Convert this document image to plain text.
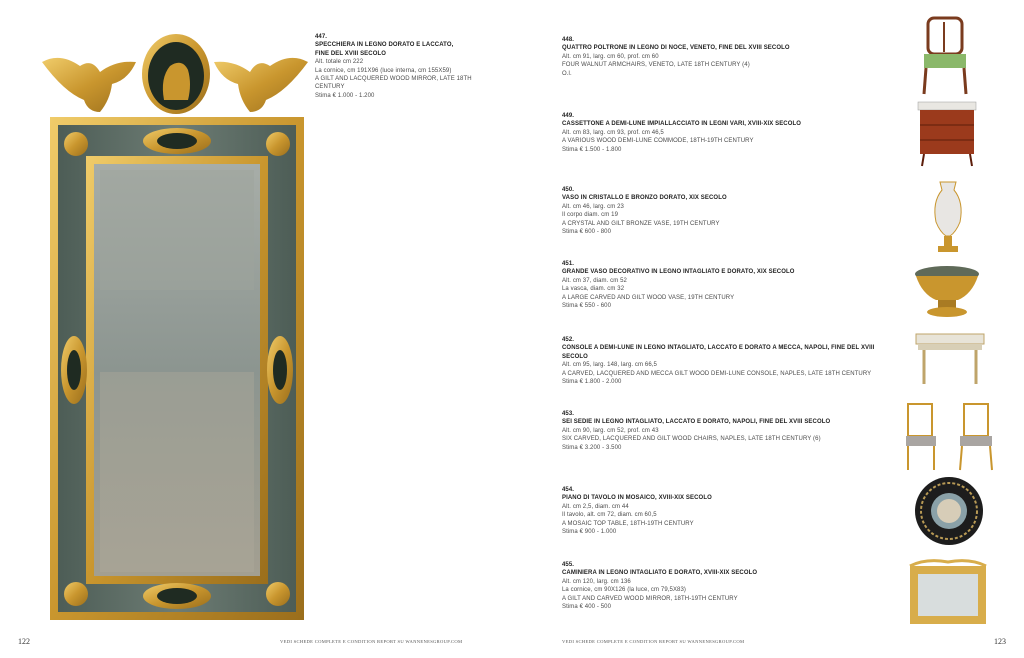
447.
SPECCHIERA IN LEGNO DORATO E LACCATO,
FINE DEL XVIII SECOLO
Alt. totale cm 222
La cornice, cm 191X96 (luce interna, cm 155X59)
A GILT AND LACQUERED WOOD MIRROR, LATE 18TH
CENTURY
Stima € 1.000 - 1.200
122	VEDI SCHEDE COMPLETE E CONDITION REPORT SU WANNENESGROUP.COM
448.
QUATTRO POLTRONE IN LEGNO DI NOCE, VENETO, FINE DEL XVIII SECOLO
Alt. cm 91, larg. cm 60, prof. cm 60
FOUR WALNUT ARMCHAIRS, VENETO, LATE 18TH CENTURY (4)
O.l.
449.
CASSETTONE A DEMI-LUNE IMPIALLACCIATO IN LEGNI VARI, XVIII-XIX SECOLO
Alt. cm 83, larg. cm 93, prof. cm 46,5
A VARIOUS WOOD DEMI-LUNE COMMODE, 18TH-19TH CENTURY
Stima € 1.500 - 1.800
450.
VASO IN CRISTALLO E BRONZO DORATO, XIX SECOLO
Alt. cm 46, larg. cm 23
Il corpo diam. cm 19
A CRYSTAL AND GILT BRONZE VASE, 19TH CENTURY
Stima € 600 - 800
451.
GRANDE VASO DECORATIVO IN LEGNO INTAGLIATO E DORATO, XIX SECOLO
Alt. cm 37, diam. cm 52
La vasca, diam. cm 32
A LARGE CARVED AND GILT WOOD VASE, 19TH CENTURY
Stima € 550 - 600
452.
CONSOLE A DEMI-LUNE IN LEGNO INTAGLIATO, LACCATO E DORATO A MECCA, NAPOLI, FINE DEL XVIII
SECOLO
Alt. cm 95, larg. 148, larg. cm 66,5
A CARVED, LACQUERED AND MECCA GILT WOOD DEMI-LUNE CONSOLE, NAPLES, LATE 18TH CENTURY
Stima € 1.800 - 2.000
453.
SEI SEDIE IN LEGNO INTAGLIATO, LACCATO E DORATO, NAPOLI, FINE DEL XVIII SECOLO
Alt. cm 90, larg. cm 52, prof. cm 43
SIX CARVED, LACQUERED AND GILT WOOD CHAIRS, NAPLES, LATE 18TH CENTURY (6)
Stima € 3.200 - 3.500
454.
PIANO DI TAVOLO IN MOSAICO, XVIII-XIX SECOLO
Alt. cm 2,5, diam. cm 44
Il tavolo, alt. cm 72, diam. cm 60,5
A MOSAIC TOP TABLE, 18TH-19TH CENTURY
Stima € 900 - 1.000
455.
CAMINIERA IN LEGNO INTAGLIATO E DORATO, XVIII-XIX SECOLO
Alt. cm 120, larg. cm 136
La cornice, cm 90X126 (la luce, cm 79,5X83)
A GILT AND CARVED WOOD MIRROR, 18TH-19TH CENTURY
Stima € 400 - 500
123
VEDI SCHEDE COMPLETE E CONDITION REPORT SU WANNENESGROUP.COM
